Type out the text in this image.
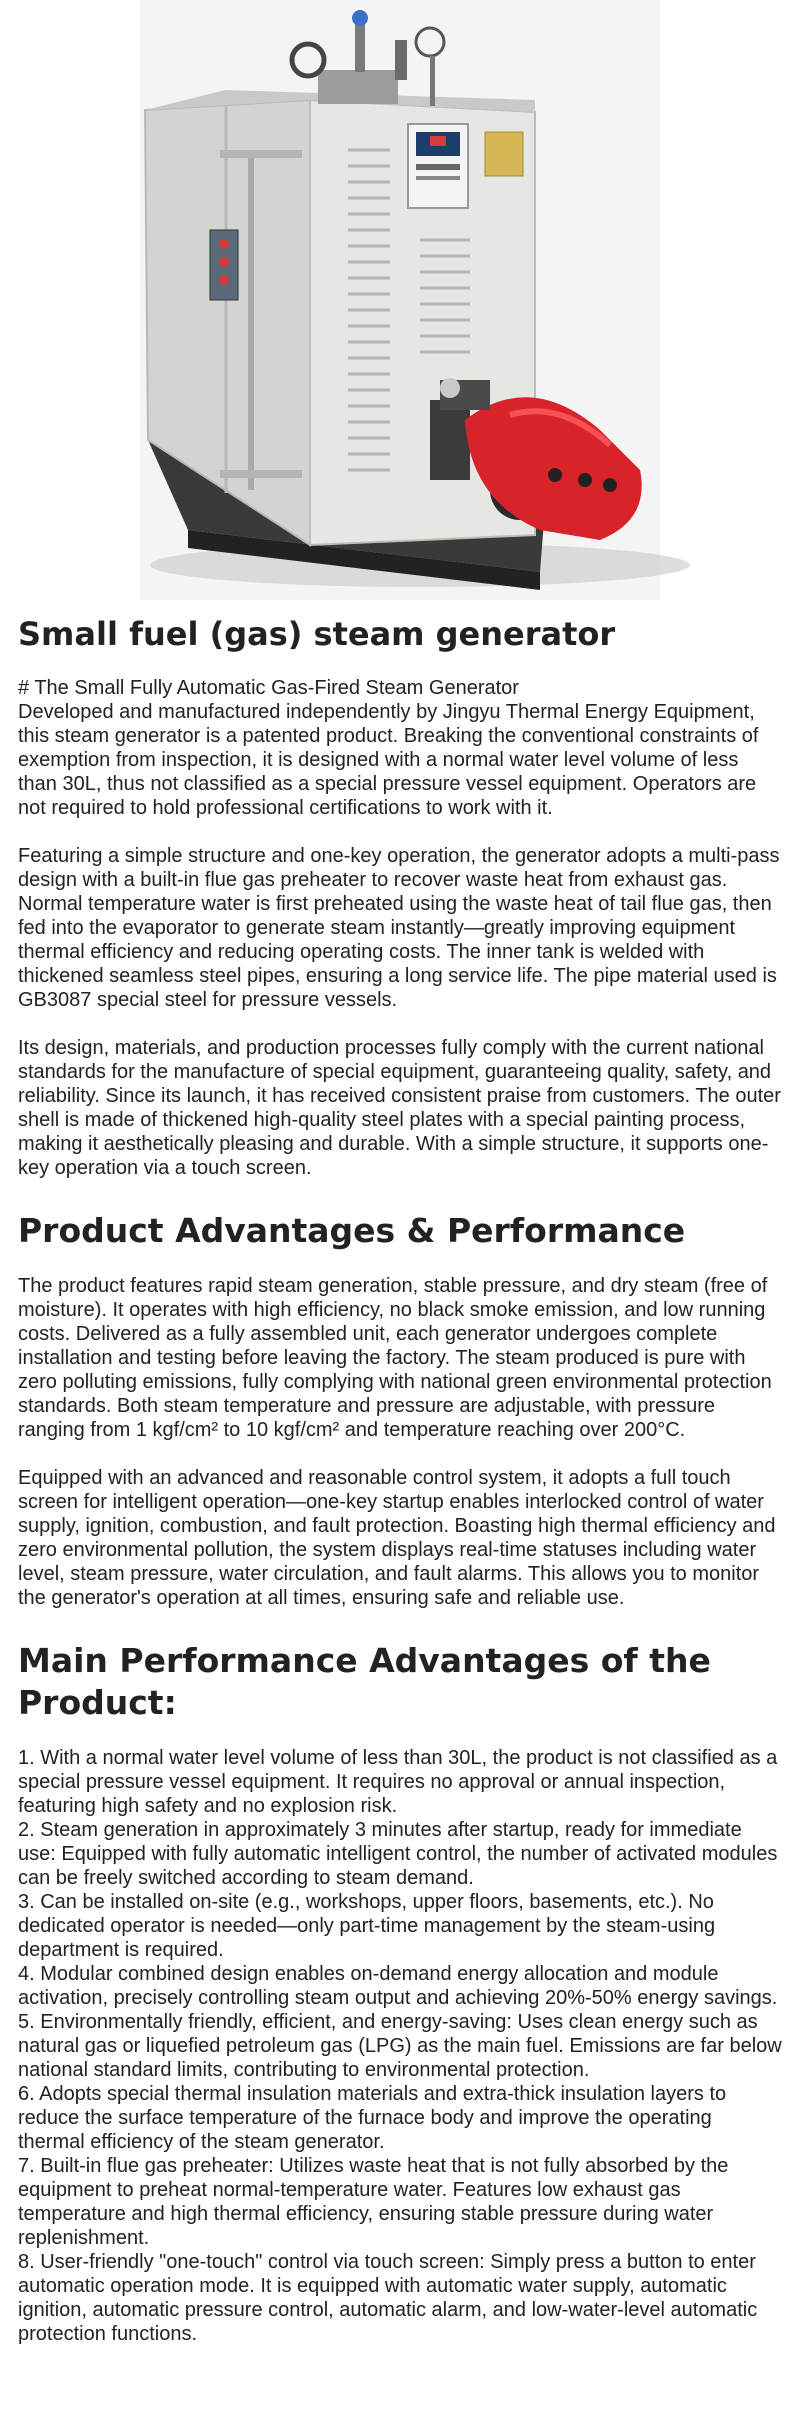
Small fuel (gas) steam generator

# The Small Fully Automatic Gas-Fired Steam Generator
Developed and manufactured independently by Jingyu Thermal Energy Equipment, this steam generator is a patented product. Breaking the conventional constraints of exemption from inspection, it is designed with a normal water level volume of less than 30L, thus not classified as a special pressure vessel equipment. Operators are not required to hold professional certifications to work with it.

Featuring a simple structure and one-key operation, the generator adopts a multi-pass design with a built-in flue gas preheater to recover waste heat from exhaust gas. Normal temperature water is first preheated using the waste heat of tail flue gas, then fed into the evaporator to generate steam instantly—greatly improving equipment thermal efficiency and reducing operating costs. The inner tank is welded with thickened seamless steel pipes, ensuring a long service life. The pipe material used is GB3087 special steel for pressure vessels.

Its design, materials, and production processes fully comply with the current national standards for the manufacture of special equipment, guaranteeing quality, safety, and reliability. Since its launch, it has received consistent praise from customers. The outer shell is made of thickened high-quality steel plates with a special painting process, making it aesthetically pleasing and durable. With a simple structure, it supports one-key operation via a touch screen.

Product Advantages & Performance

The product features rapid steam generation, stable pressure, and dry steam (free of moisture). It operates with high efficiency, no black smoke emission, and low running costs. Delivered as a fully assembled unit, each generator undergoes complete installation and testing before leaving the factory. The steam produced is pure with zero polluting emissions, fully complying with national green environmental protection standards. Both steam temperature and pressure are adjustable, with pressure ranging from 1 kgf/cm² to 10 kgf/cm² and temperature reaching over 200°C.

Equipped with an advanced and reasonable control system, it adopts a full touch screen for intelligent operation—one-key startup enables interlocked control of water supply, ignition, combustion, and fault protection. Boasting high thermal efficiency and zero environmental pollution, the system displays real-time statuses including water level, steam pressure, water circulation, and fault alarms. This allows you to monitor the generator's operation at all times, ensuring safe and reliable use.

Main Performance Advantages of the Product:
1. With a normal water level volume of less than 30L, the product is not classified as a special pressure vessel equipment. It requires no approval or annual inspection, featuring high safety and no explosion risk.
2. Steam generation in approximately 3 minutes after startup, ready for immediate use: Equipped with fully automatic intelligent control, the number of activated modules can be freely switched according to steam demand.
3. Can be installed on-site (e.g., workshops, upper floors, basements, etc.). No dedicated operator is needed—only part-time management by the steam-using department is required.
4. Modular combined design enables on-demand energy allocation and module activation, precisely controlling steam output and achieving 20%-50% energy savings.
5. Environmentally friendly, efficient, and energy-saving: Uses clean energy such as natural gas or liquefied petroleum gas (LPG) as the main fuel. Emissions are far below national standard limits, contributing to environmental protection.
6. Adopts special thermal insulation materials and extra-thick insulation layers to reduce the surface temperature of the furnace body and improve the operating thermal efficiency of the steam generator.
7. Built-in flue gas preheater: Utilizes waste heat that is not fully absorbed by the equipment to preheat normal-temperature water. Features low exhaust gas temperature and high thermal efficiency, ensuring stable pressure during water replenishment.
8. User-friendly "one-touch" control via touch screen: Simply press a button to enter automatic operation mode. It is equipped with automatic water supply, automatic ignition, automatic pressure control, automatic alarm, and low-water-level automatic protection functions.
